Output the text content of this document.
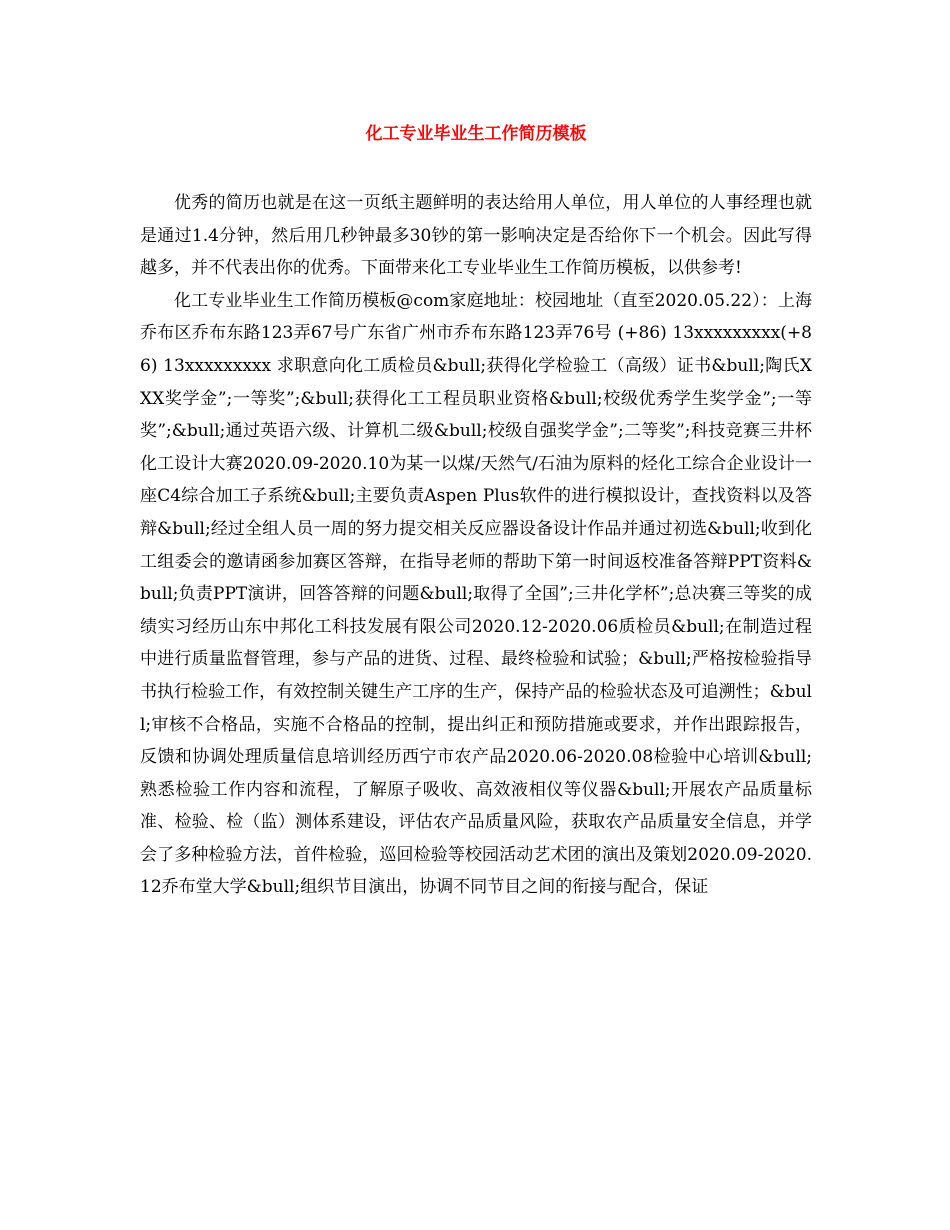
化工专业毕业生工作简历模板

优秀的简历也就是在这一页纸主题鲜明的表达给用人单位，用人单位的人事经理也就是通过1.4分钟，然后用几秒钟最多30钞的第一影响决定是否给你下一个机会。因此写得越多，并不代表出你的优秀。下面带来化工专业毕业生工作简历模板，以供参考!

化工专业毕业生工作简历模板@com家庭地址：校园地址（直至2020.05.22）：上海乔布区乔布东路123弄67号广东省广州市乔布东路123弄76号 (+86) 13xxxxxxxxx(+86) 13xxxxxxxxx 求职意向化工质检员&bull;获得化学检验工（高级）证书&bull;陶氏XXX奖学金”;一等奖”;&bull;获得化工工程员职业资格&bull;校级优秀学生奖学金”;一等奖”;&bull;通过英语六级、计算机二级&bull;校级自强奖学金”;二等奖”;科技竞赛三井杯化工设计大赛2020.09-2020.10为某一以煤/天然气/石油为原料的烃化工综合企业设计一座C4综合加工子系统&bull;主要负责Aspen Plus软件的进行模拟设计，查找资料以及答辩&bull;经过全组人员一周的努力提交相关反应器设备设计作品并通过初选&bull;收到化工组委会的邀请函参加赛区答辩，在指导老师的帮助下第一时间返校准备答辩PPT资料&bull;负责PPT演讲，回答答辩的问题&bull;取得了全国”;三井化学杯”;总决赛三等奖的成绩实习经历山东中邦化工科技发展有限公司2020.12-2020.06质检员&bull;在制造过程中进行质量监督管理，参与产品的进货、过程、最终检验和试验；&bull;严格按检验指导书执行检验工作，有效控制关键生产工序的生产，保持产品的检验状态及可追溯性；&bull;审核不合格品，实施不合格品的控制，提出纠正和预防措施或要求，并作出跟踪报告，反馈和协调处理质量信息培训经历西宁市农产品2020.06-2020.08检验中心培训&bull;熟悉检验工作内容和流程，了解原子吸收、高效液相仪等仪器&bull;开展农产品质量标准、检验、检（监）测体系建设，评估农产品质量风险，获取农产品质量安全信息，并学会了多种检验方法，首件检验，巡回检验等校园活动艺术团的演出及策划2020.09-2020.12乔布堂大学&bull;组织节目演出，协调不同节目之间的衔接与配合，保证
